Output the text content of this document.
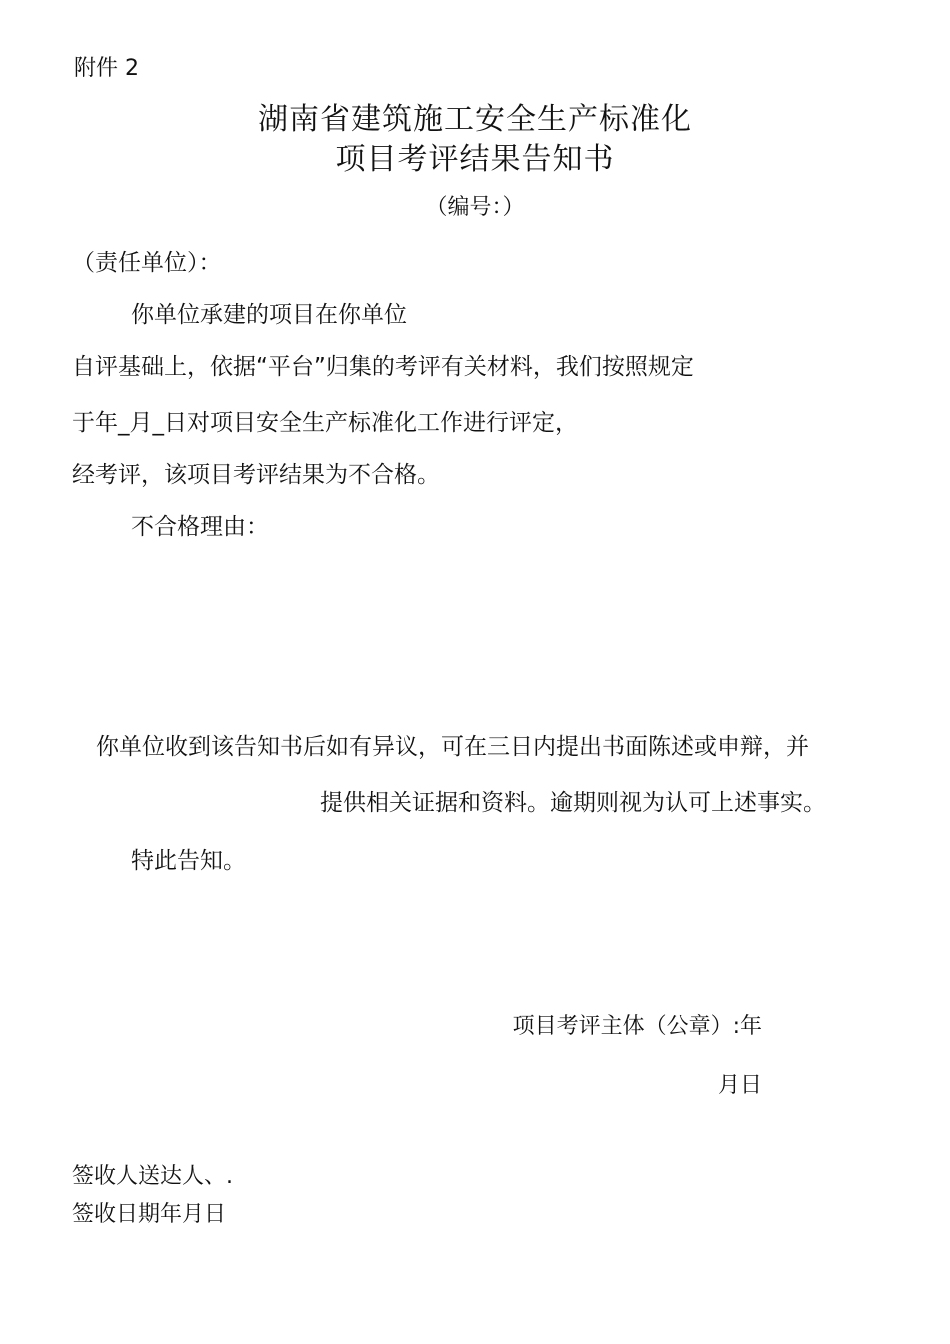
附件 2
湖南省建筑施工安全生产标准化
项目考评结果告知书
（编号：）
（责任单位）：
你单位承建的项目在你单位
自评基础上，依据“平台”归集的考评有关材料，我们按照规定
于年_月_日对项目安全生产标准化工作进行评定，
经考评，该项目考评结果为不合格。
不合格理由：
你单位收到该告知书后如有异议，可在三日内提出书面陈述或申辩，并
提供相关证据和资料。逾期则视为认可上述事实。
特此告知。
项目考评主体（公章）:年
月日
签收人送达人、.
签收日期年月日
